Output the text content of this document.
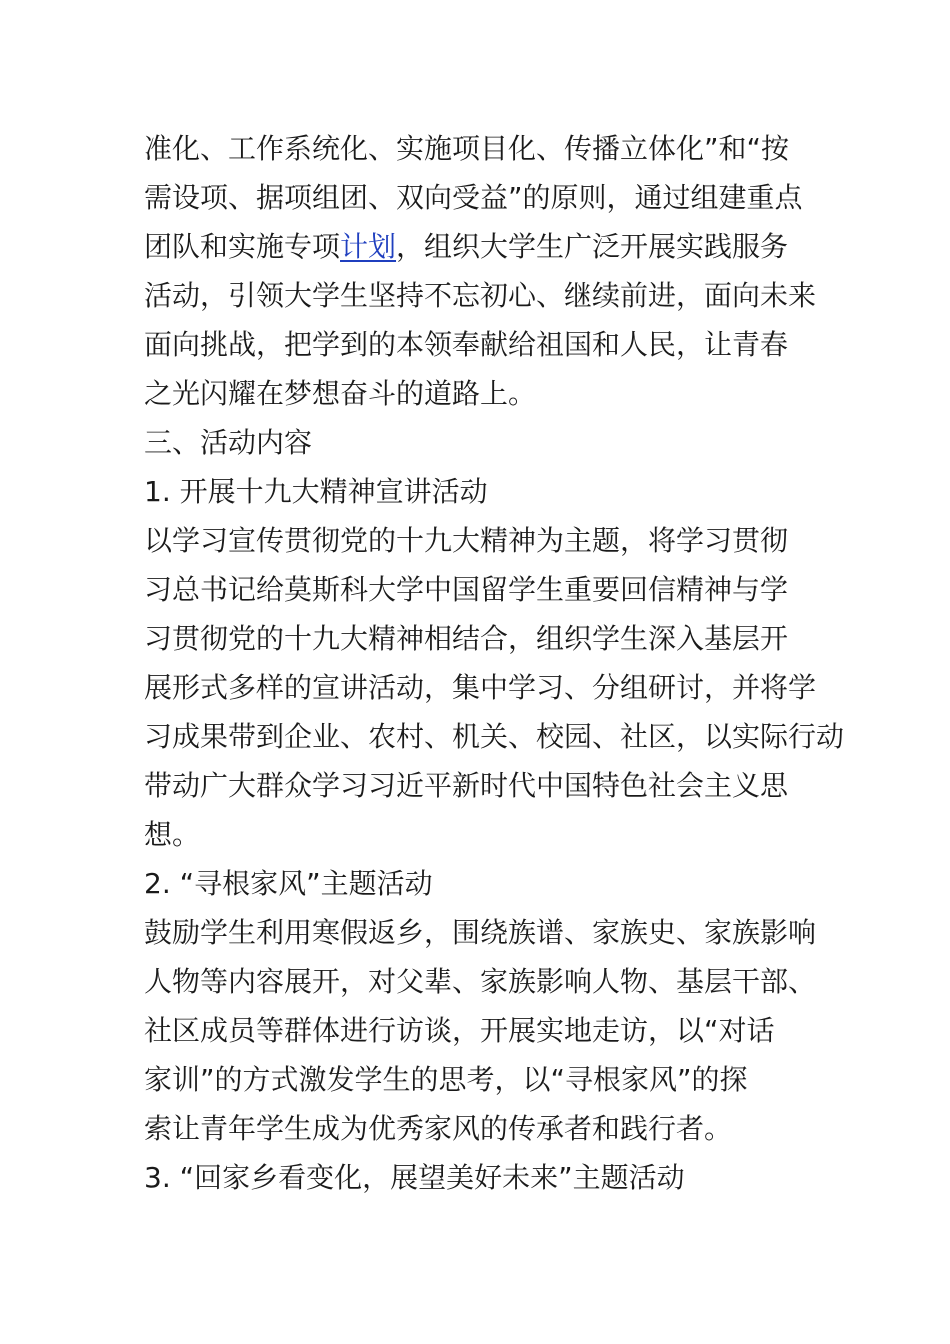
准化、工作系统化、实施项目化、传播立体化”和“按
需设项、据项组团、双向受益”的原则，通过组建重点
团队和实施专项计划，组织大学生广泛开展实践服务
活动，引领大学生坚持不忘初心、继续前进，面向未来
面向挑战，把学到的本领奉献给祖国和人民，让青春
之光闪耀在梦想奋斗的道路上。
三、活动内容
1. 开展十九大精神宣讲活动
以学习宣传贯彻党的十九大精神为主题，将学习贯彻
习总书记给莫斯科大学中国留学生重要回信精神与学
习贯彻党的十九大精神相结合，组织学生深入基层开
展形式多样的宣讲活动，集中学习、分组研讨，并将学
习成果带到企业、农村、机关、校园、社区，以实际行动
带动广大群众学习习近平新时代中国特色社会主义思
想。
2. “寻根家风”主题活动
鼓励学生利用寒假返乡，围绕族谱、家族史、家族影响
人物等内容展开，对父辈、家族影响人物、基层干部、
社区成员等群体进行访谈，开展实地走访，以“对话
家训”的方式激发学生的思考，以“寻根家风”的探
索让青年学生成为优秀家风的传承者和践行者。
3. “回家乡看变化，展望美好未来”主题活动
